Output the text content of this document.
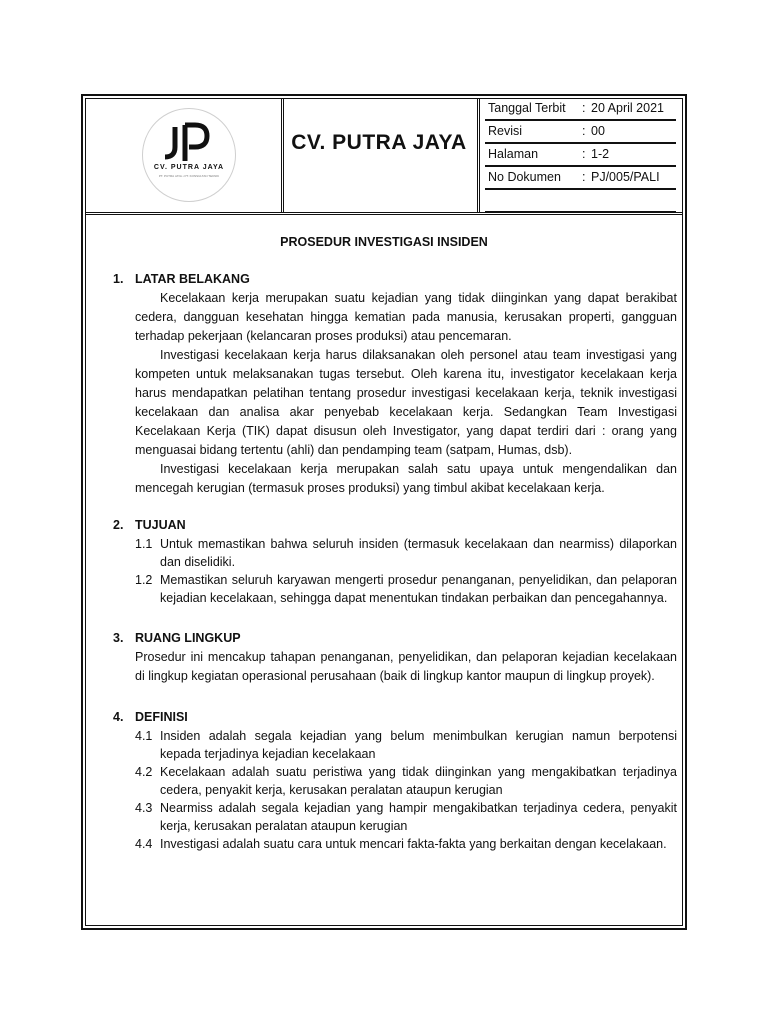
CV. PUTRA JAYA
PT. PUTRA JAYA • PT. KONSULTAN TEKNIK
CV. PUTRA JAYA
Tanggal Terbit : 20 April 2021
Revisi	: 00
Halaman	: 1-2
No Dokumen : PJ/005/PALI
PROSEDUR INVESTIGASI INSIDEN
1. LATAR BELAKANG
Kecelakaan kerja merupakan suatu kejadian yang tidak diinginkan yang dapat berakibat cedera, dangguan kesehatan hingga kematian pada manusia, kerusakan properti, gangguan terhadap pekerjaan (kelancaran proses produksi) atau pencemaran.
Investigasi kecelakaan kerja harus dilaksanakan oleh personel atau team investigasi yang kompeten untuk melaksanakan tugas tersebut. Oleh karena itu, investigator kecelakaan kerja harus mendapatkan pelatihan tentang prosedur investigasi kecelakaan kerja, teknik investigasi kecelakaan dan analisa akar penyebab kecelakaan kerja. Sedangkan Team Investigasi Kecelakaan Kerja (TIK) dapat disusun oleh Investigator, yang dapat terdiri dari : orang yang menguasai bidang tertentu (ahli) dan pendamping team (satpam, Humas, dsb).
Investigasi kecelakaan kerja merupakan salah satu upaya untuk mengendalikan dan mencegah kerugian (termasuk proses produksi) yang timbul akibat kecelakaan kerja.
2. TUJUAN
1.1 Untuk memastikan bahwa seluruh insiden (termasuk kecelakaan dan nearmiss) dilaporkan dan diselidiki.
1.2 Memastikan seluruh karyawan mengerti prosedur penanganan, penyelidikan, dan pelaporan kejadian kecelakaan, sehingga dapat menentukan tindakan perbaikan dan pencegahannya.
3. RUANG LINGKUP
Prosedur ini mencakup tahapan penanganan, penyelidikan, dan pelaporan kejadian kecelakaan di lingkup kegiatan operasional perusahaan (baik di lingkup kantor maupun di lingkup proyek).
4. DEFINISI
4.1 Insiden adalah segala kejadian yang belum menimbulkan kerugian namun berpotensi kepada terjadinya kejadian kecelakaan
4.2 Kecelakaan adalah suatu peristiwa yang tidak diinginkan yang mengakibatkan terjadinya cedera, penyakit kerja, kerusakan peralatan ataupun kerugian
4.3 Nearmiss adalah segala kejadian yang hampir mengakibatkan terjadinya cedera, penyakit kerja, kerusakan peralatan ataupun kerugian
4.4 Investigasi adalah suatu cara untuk mencari fakta-fakta yang berkaitan dengan kecelakaan.
